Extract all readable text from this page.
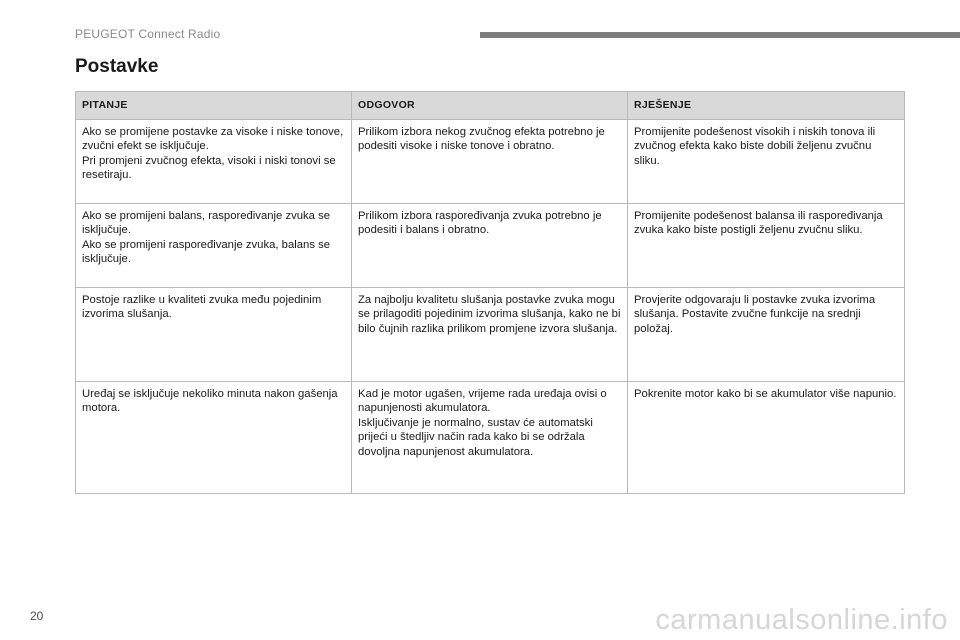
PEUGEOT Connect Radio
Postavke
PITANJE	ODGOVOR	RJEŠENJE

Ako se promijene postavke za visoke i niske tonove, zvučni efekt se isključuje.
Pri promjeni zvučnog efekta, visoki i niski tonovi se resetiraju.	Prilikom izbora nekog zvučnog efekta potrebno je podesiti visoke i niske tonove i obratno.	Promijenite podešenost visokih i niskih tonova ili zvučnog efekta kako biste dobili željenu zvučnu sliku.

Ako se promijeni balans, raspoređivanje zvuka se isključuje.
Ako se promijeni raspoređivanje zvuka, balans se isključuje.	Prilikom izbora raspoređivanja zvuka potrebno je podesiti i balans i obratno.	Promijenite podešenost balansa ili raspoređivanja zvuka kako biste postigli željenu zvučnu sliku.

Postoje razlike u kvaliteti zvuka među pojedinim izvorima slušanja.	Za najbolju kvalitetu slušanja postavke zvuka mogu se prilagoditi pojedinim izvorima slušanja, kako ne bi bilo čujnih razlika prilikom promjene izvora slušanja.	Provjerite odgovaraju li postavke zvuka izvorima slušanja. Postavite zvučne funkcije na srednji položaj.

Uređaj se isključuje nekoliko minuta nakon gašenja motora.	Kad je motor ugašen, vrijeme rada uređaja ovisi o napunjenosti akumulatora.
Isključivanje je normalno, sustav će automatski prijeći u štedljiv način rada kako bi se održala dovoljna napunjenost akumulatora.	Pokrenite motor kako bi se akumulator više napunio.
20	carmanualsonline.info
